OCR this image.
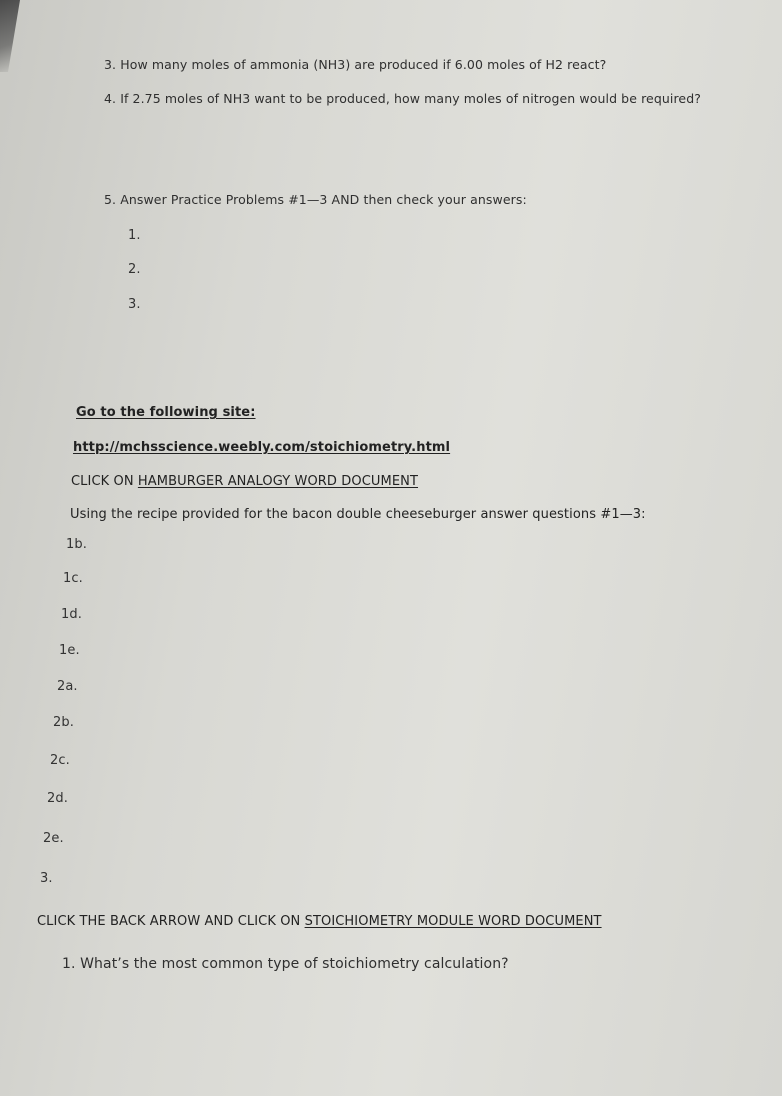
3. How many moles of ammonia (NH3) are produced if 6.00 moles of H2 react?
4. If 2.75 moles of NH3 want to be produced, how many moles of nitrogen would be required?
5. Answer Practice Problems #1—3 AND then check your answers:
1.
2.
3.
Go to the following site:
http://mchsscience.weebly.com/stoichiometry.html
CLICK ON HAMBURGER ANALOGY WORD DOCUMENT
Using the recipe provided for the bacon double cheeseburger answer questions #1—3:
1b.
1c.
1d.
1e.
2a.
2b.
2c.
2d.
2e.
3.
CLICK THE BACK ARROW AND CLICK ON STOICHIOMETRY MODULE WORD DOCUMENT
1. What’s the most common type of stoichiometry calculation?
